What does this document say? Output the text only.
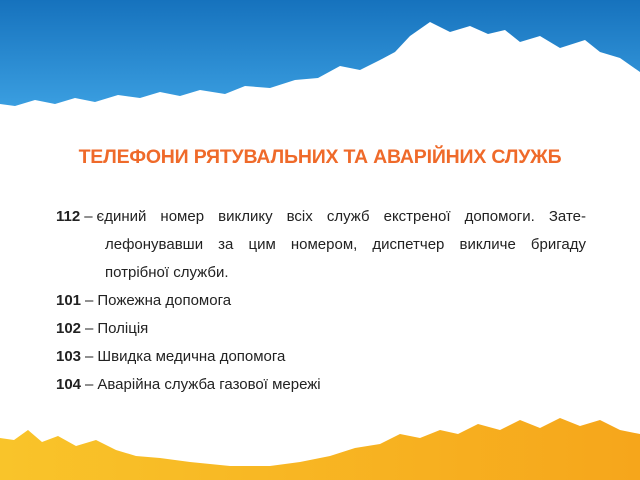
ТЕЛЕФОНИ РЯТУВАЛЬНИХ ТА АВАРІЙНИХ СЛУЖБ
112 – єдиний номер виклику всіх служб екстреної допомоги. Зате-
лефонувавши за цим номером, диспетчер викличе бригаду
потрібної служби.
101 – Пожежна допомога
102 – Поліція
103 – Швидка медична допомога
104 – Аварійна служба газової мережі
